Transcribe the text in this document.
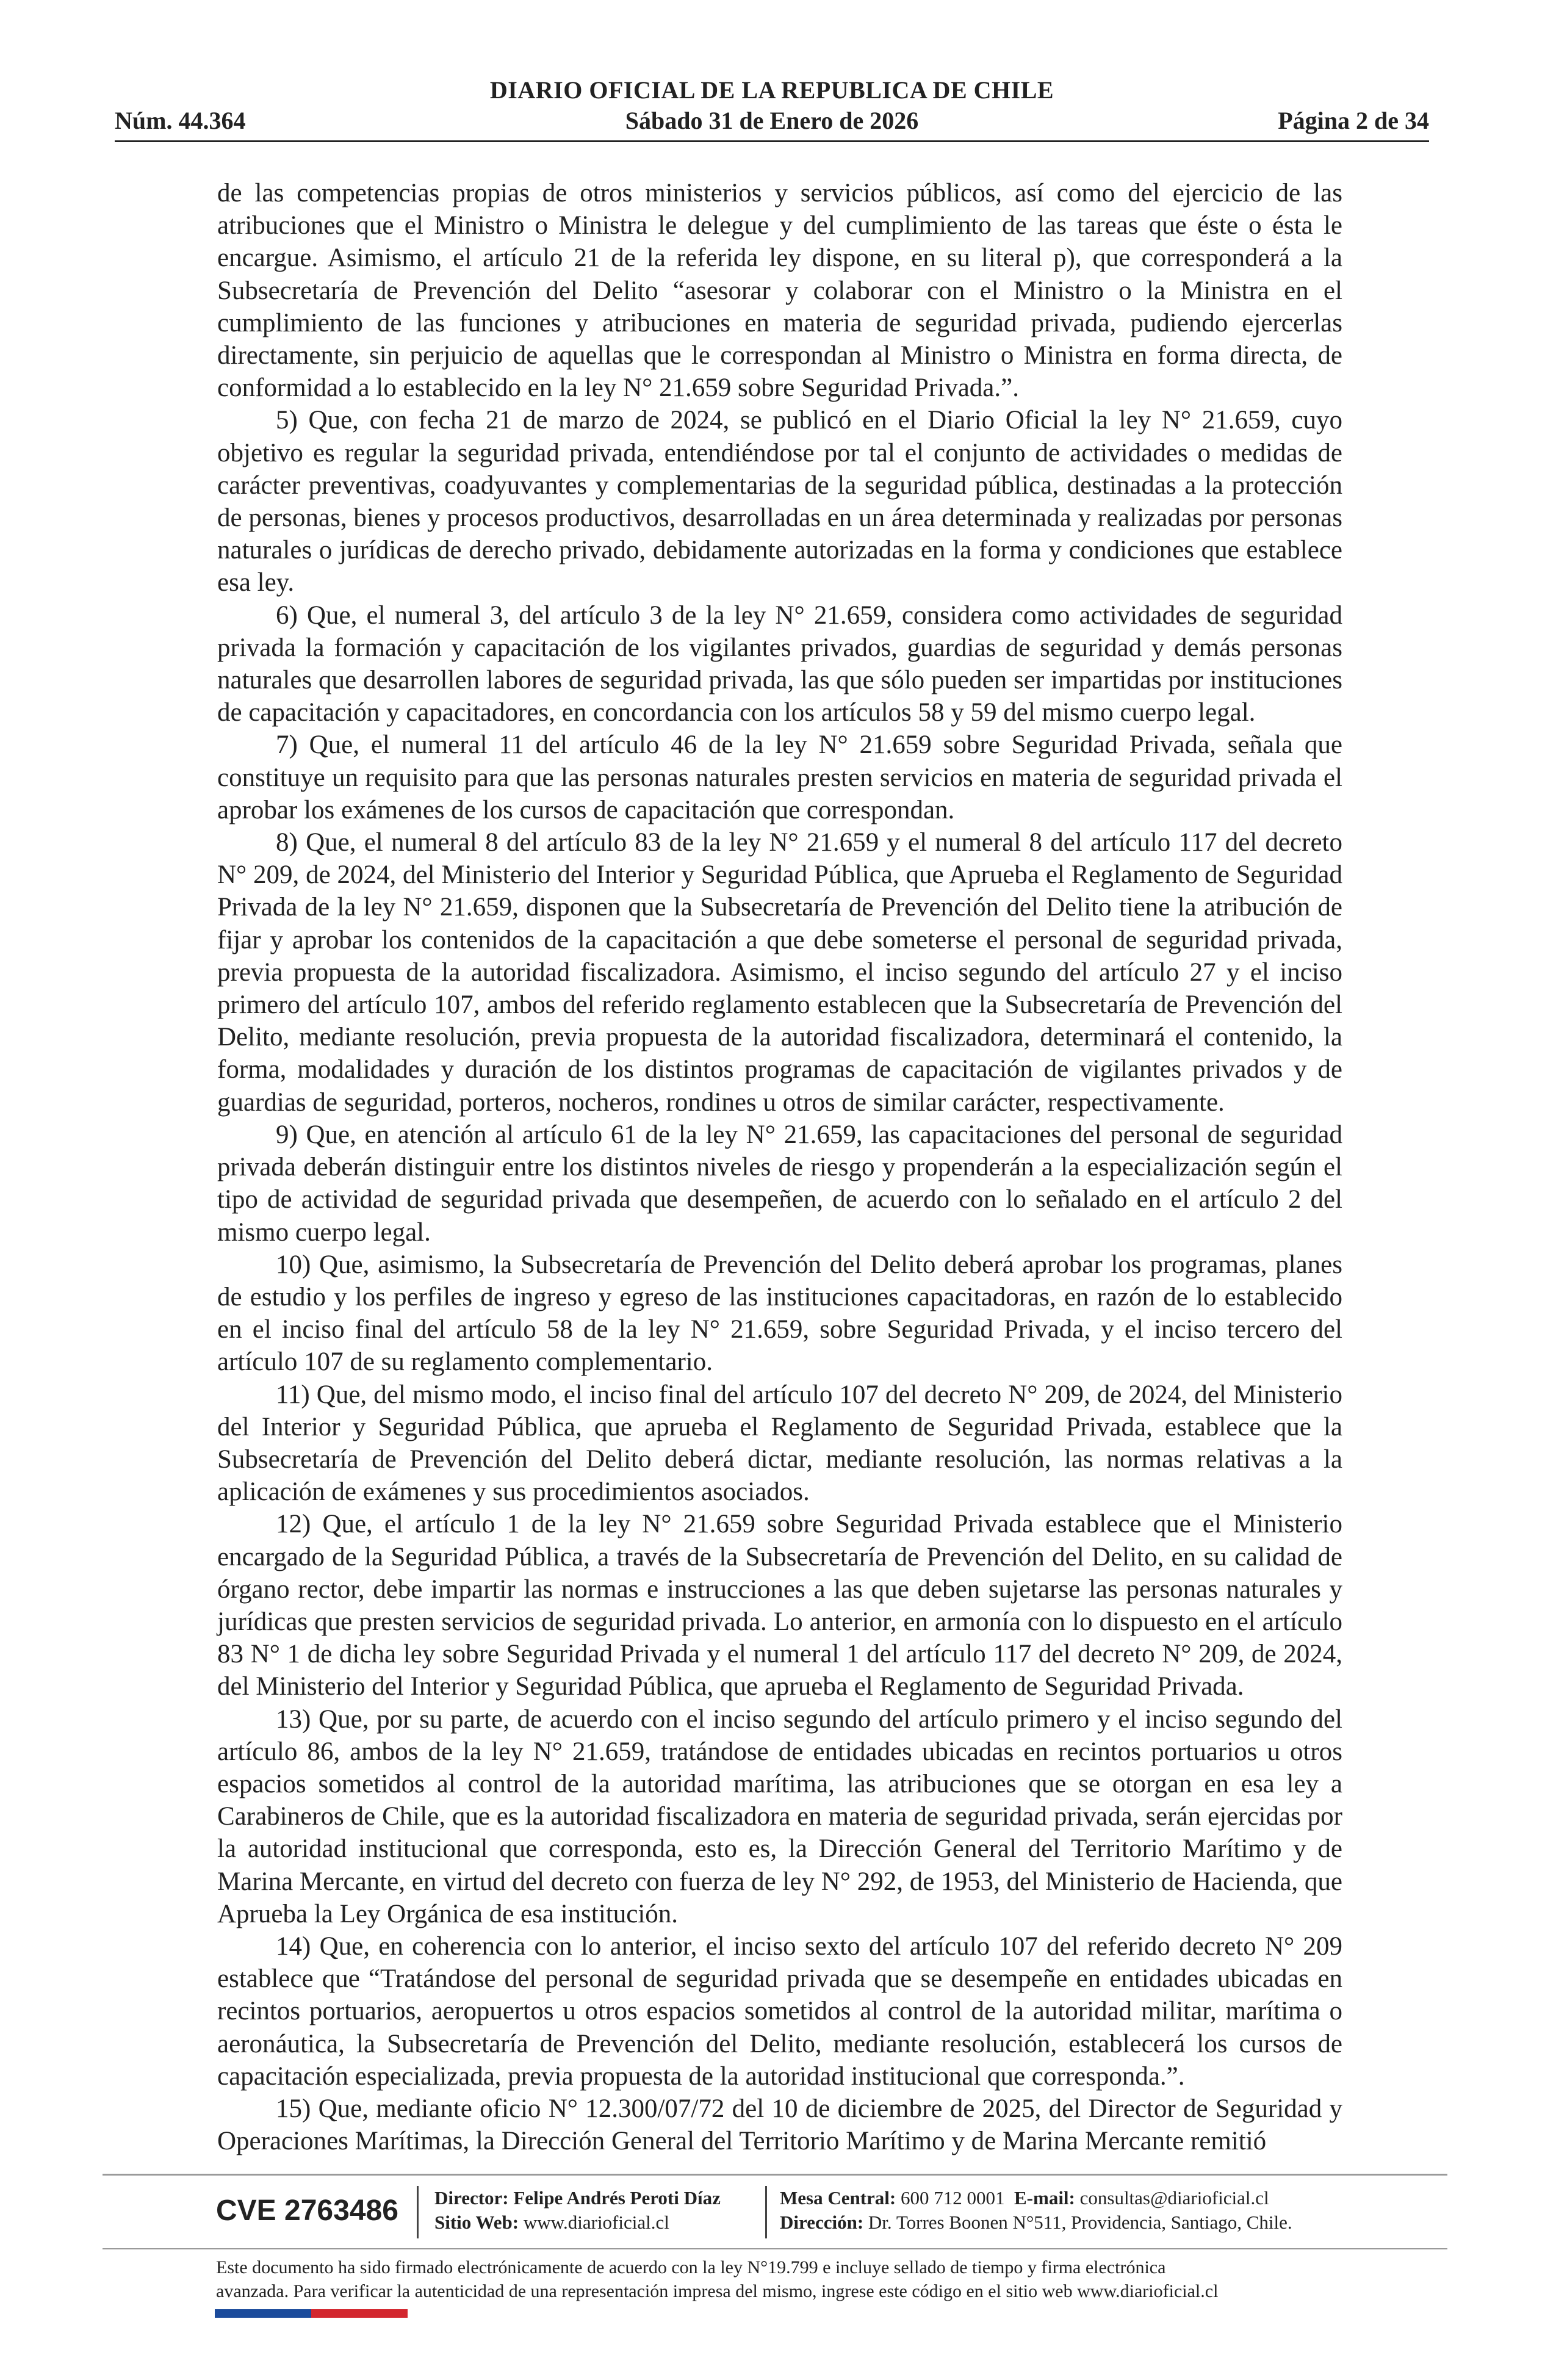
DIARIO OFICIAL DE LA REPUBLICA DE CHILE
Núm. 44.364	Sábado 31 de Enero de 2026	Página 2 de 34

de las competencias propias de otros ministerios y servicios públicos, así como del ejercicio de las atribuciones que el Ministro o Ministra le delegue y del cumplimiento de las tareas que éste o ésta le encargue. Asimismo, el artículo 21 de la referida ley dispone, en su literal p), que corresponderá a la Subsecretaría de Prevención del Delito “asesorar y colaborar con el Ministro o la Ministra en el cumplimiento de las funciones y atribuciones en materia de seguridad privada, pudiendo ejercerlas directamente, sin perjuicio de aquellas que le correspondan al Ministro o Ministra en forma directa, de conformidad a lo establecido en la ley N° 21.659 sobre Seguridad Privada.”.

5) Que, con fecha 21 de marzo de 2024, se publicó en el Diario Oficial la ley N° 21.659, cuyo objetivo es regular la seguridad privada, entendiéndose por tal el conjunto de actividades o medidas de carácter preventivas, coadyuvantes y complementarias de la seguridad pública, destinadas a la protección de personas, bienes y procesos productivos, desarrolladas en un área determinada y realizadas por personas naturales o jurídicas de derecho privado, debidamente autorizadas en la forma y condiciones que establece esa ley.

6) Que, el numeral 3, del artículo 3 de la ley N° 21.659, considera como actividades de seguridad privada la formación y capacitación de los vigilantes privados, guardias de seguridad y demás personas naturales que desarrollen labores de seguridad privada, las que sólo pueden ser impartidas por instituciones de capacitación y capacitadores, en concordancia con los artículos 58 y 59 del mismo cuerpo legal.

7) Que, el numeral 11 del artículo 46 de la ley N° 21.659 sobre Seguridad Privada, señala que constituye un requisito para que las personas naturales presten servicios en materia de seguridad privada el aprobar los exámenes de los cursos de capacitación que correspondan.

8) Que, el numeral 8 del artículo 83 de la ley N° 21.659 y el numeral 8 del artículo 117 del decreto N° 209, de 2024, del Ministerio del Interior y Seguridad Pública, que Aprueba el Reglamento de Seguridad Privada de la ley N° 21.659, disponen que la Subsecretaría de Prevención del Delito tiene la atribución de fijar y aprobar los contenidos de la capacitación a que debe someterse el personal de seguridad privada, previa propuesta de la autoridad fiscalizadora. Asimismo, el inciso segundo del artículo 27 y el inciso primero del artículo 107, ambos del referido reglamento establecen que la Subsecretaría de Prevención del Delito, mediante resolución, previa propuesta de la autoridad fiscalizadora, determinará el contenido, la forma, modalidades y duración de los distintos programas de capacitación de vigilantes privados y de guardias de seguridad, porteros, nocheros, rondines u otros de similar carácter, respectivamente.

9) Que, en atención al artículo 61 de la ley N° 21.659, las capacitaciones del personal de seguridad privada deberán distinguir entre los distintos niveles de riesgo y propenderán a la especialización según el tipo de actividad de seguridad privada que desempeñen, de acuerdo con lo señalado en el artículo 2 del mismo cuerpo legal.

10) Que, asimismo, la Subsecretaría de Prevención del Delito deberá aprobar los programas, planes de estudio y los perfiles de ingreso y egreso de las instituciones capacitadoras, en razón de lo establecido en el inciso final del artículo 58 de la ley N° 21.659, sobre Seguridad Privada, y el inciso tercero del artículo 107 de su reglamento complementario.

11) Que, del mismo modo, el inciso final del artículo 107 del decreto N° 209, de 2024, del Ministerio del Interior y Seguridad Pública, que aprueba el Reglamento de Seguridad Privada, establece que la Subsecretaría de Prevención del Delito deberá dictar, mediante resolución, las normas relativas a la aplicación de exámenes y sus procedimientos asociados.

12) Que, el artículo 1 de la ley N° 21.659 sobre Seguridad Privada establece que el Ministerio encargado de la Seguridad Pública, a través de la Subsecretaría de Prevención del Delito, en su calidad de órgano rector, debe impartir las normas e instrucciones a las que deben sujetarse las personas naturales y jurídicas que presten servicios de seguridad privada. Lo anterior, en armonía con lo dispuesto en el artículo 83 N° 1 de dicha ley sobre Seguridad Privada y el numeral 1 del artículo 117 del decreto N° 209, de 2024, del Ministerio del Interior y Seguridad Pública, que aprueba el Reglamento de Seguridad Privada.

13) Que, por su parte, de acuerdo con el inciso segundo del artículo primero y el inciso segundo del artículo 86, ambos de la ley N° 21.659, tratándose de entidades ubicadas en recintos portuarios u otros espacios sometidos al control de la autoridad marítima, las atribuciones que se otorgan en esa ley a Carabineros de Chile, que es la autoridad fiscalizadora en materia de seguridad privada, serán ejercidas por la autoridad institucional que corresponda, esto es, la Dirección General del Territorio Marítimo y de Marina Mercante, en virtud del decreto con fuerza de ley N° 292, de 1953, del Ministerio de Hacienda, que Aprueba la Ley Orgánica de esa institución.

14) Que, en coherencia con lo anterior, el inciso sexto del artículo 107 del referido decreto N° 209 establece que “Tratándose del personal de seguridad privada que se desempeñe en entidades ubicadas en recintos portuarios, aeropuertos u otros espacios sometidos al control de la autoridad militar, marítima o aeronáutica, la Subsecretaría de Prevención del Delito, mediante resolución, establecerá los cursos de capacitación especializada, previa propuesta de la autoridad institucional que corresponda.”.

15) Que, mediante oficio N° 12.300/07/72 del 10 de diciembre de 2025, del Director de Seguridad y Operaciones Marítimas, la Dirección General del Territorio Marítimo y de Marina Mercante remitió

CVE 2763486 Director: Felipe Andrés Peroti Díaz
Sitio Web: www.diarioficial.cl
Mesa Central: 600 712 0001 E-mail: consultas@diarioficial.cl
Dirección: Dr. Torres Boonen N°511, Providencia, Santiago, Chile.
Este documento ha sido firmado electrónicamente de acuerdo con la ley N°19.799 e incluye sellado de tiempo y firma electrónica
avanzada. Para verificar la autenticidad de una representación impresa del mismo, ingrese este código en el sitio web www.diarioficial.cl
